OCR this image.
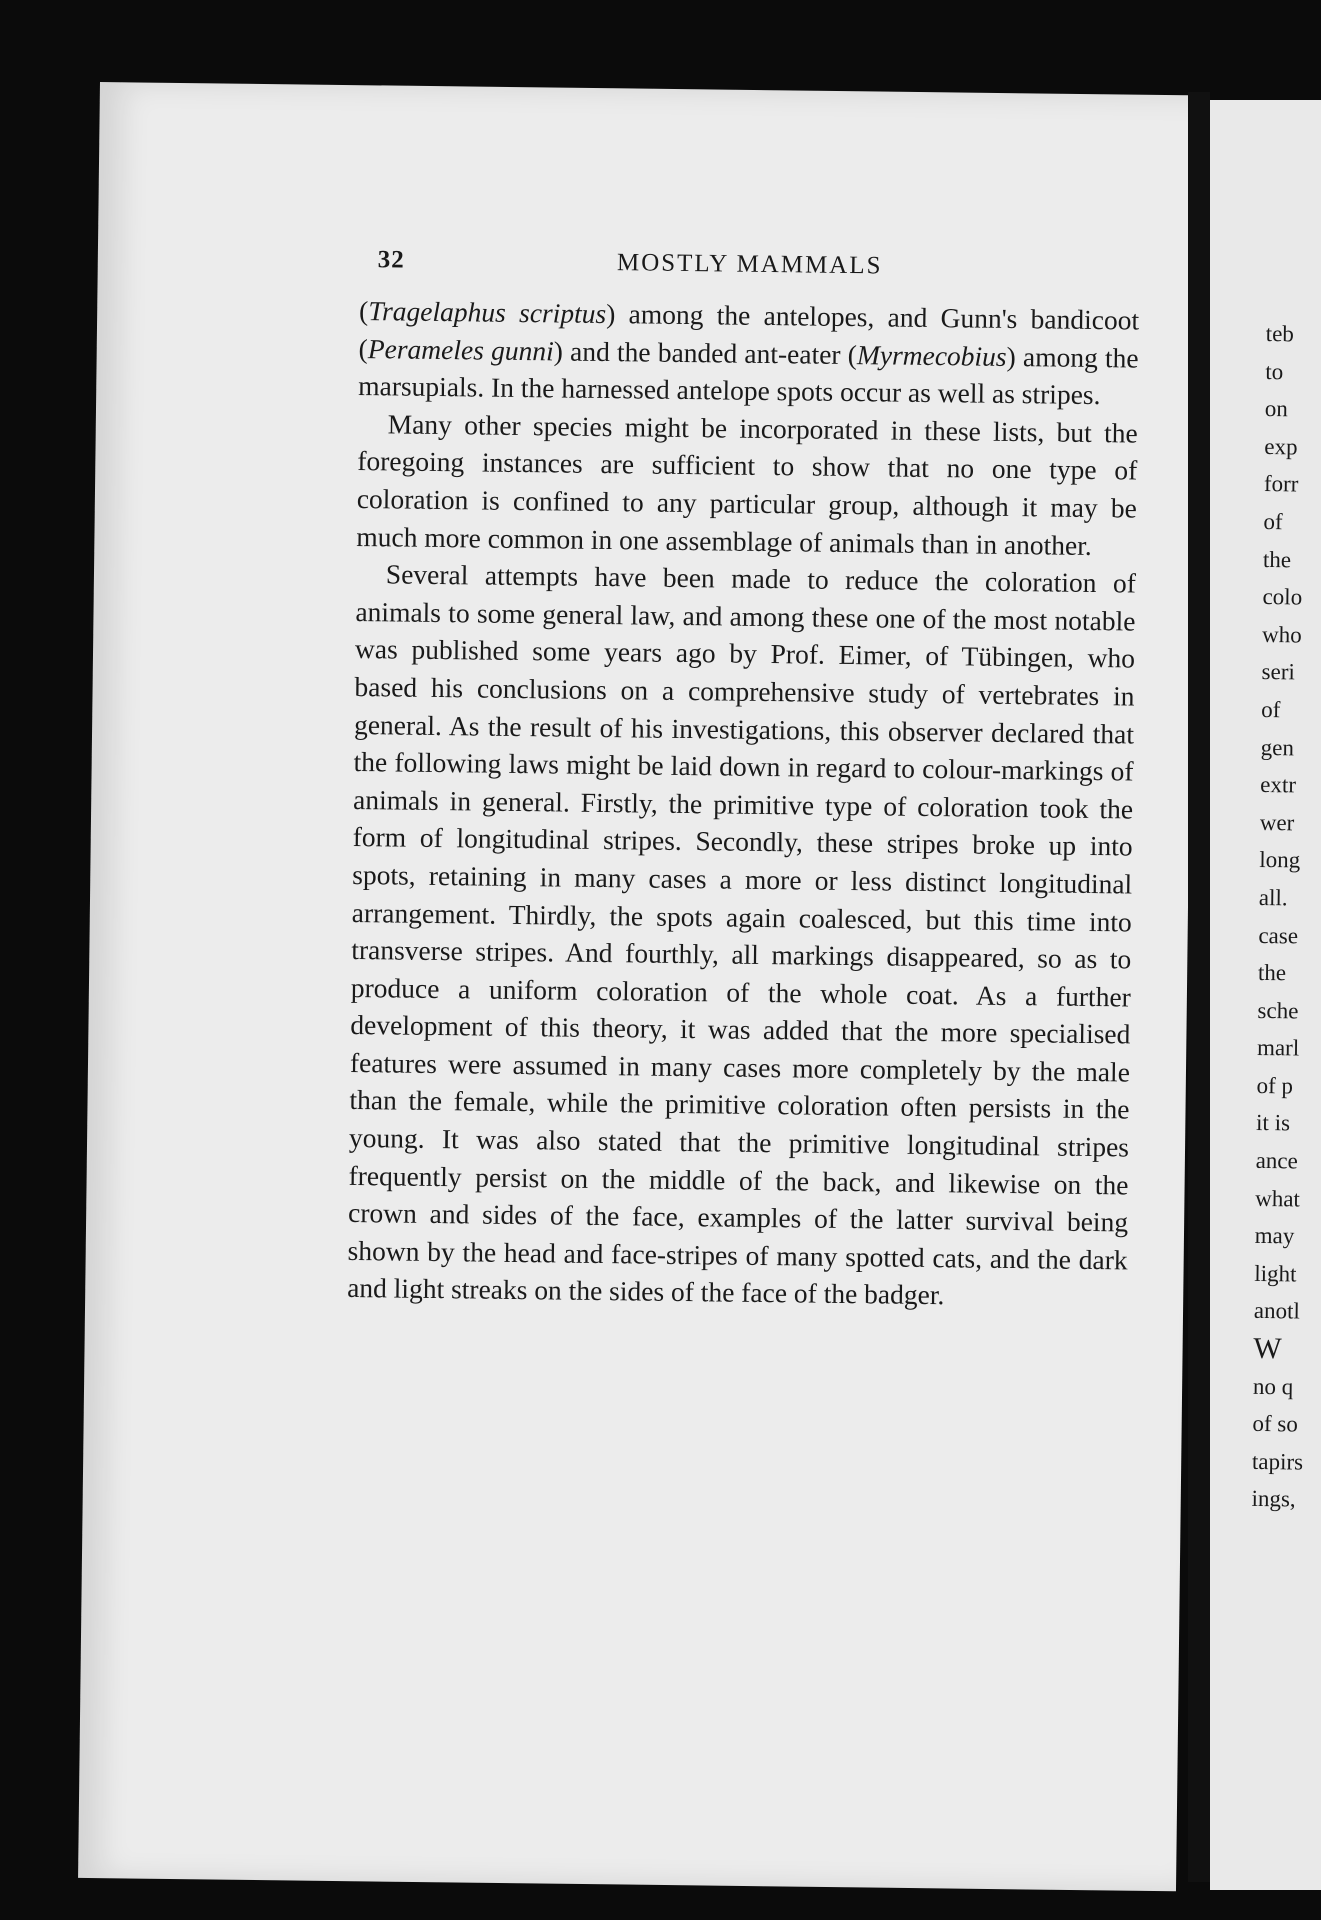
32	MOSTLY MAMMALS

(Tragelaphus scriptus) among the antelopes, and Gunn's bandicoot (Perameles gunni) and the banded ant-eater (Myrmecobius) among the marsupials. In the harnessed antelope spots occur as well as stripes.

Many other species might be incorporated in these lists, but the foregoing instances are sufficient to show that no one type of coloration is confined to any particular group, although it may be much more common in one assemblage of animals than in another.

Several attempts have been made to reduce the coloration of animals to some general law, and among these one of the most notable was published some years ago by Prof. Eimer, of Tübingen, who based his conclusions on a comprehensive study of vertebrates in general. As the result of his investigations, this observer declared that the following laws might be laid down in regard to colour-markings of animals in general. Firstly, the primitive type of coloration took the form of longitudinal stripes. Secondly, these stripes broke up into spots, retaining in many cases a more or less distinct longitudinal arrangement. Thirdly, the spots again coalesced, but this time into transverse stripes. And fourthly, all markings disappeared, so as to produce a uniform coloration of the whole coat. As a further development of this theory, it was added that the more specialised features were assumed in many cases more completely by the male than the female, while the primitive coloration often persists in the young. It was also stated that the primitive longitudinal stripes frequently persist on the middle of the back, and likewise on the crown and sides of the face, examples of the latter survival being shown by the head and face-stripes of many spotted cats, and the dark and light streaks on the sides of the face of the badger.

teb
to
on
exp
forr
of
the
colo
who
seri
of
gen
extr
wer
long
all.
case
the
sche
marl
of p
it is
ance
what
may
light
anotl
W
no q
of so
tapirs
ings,
